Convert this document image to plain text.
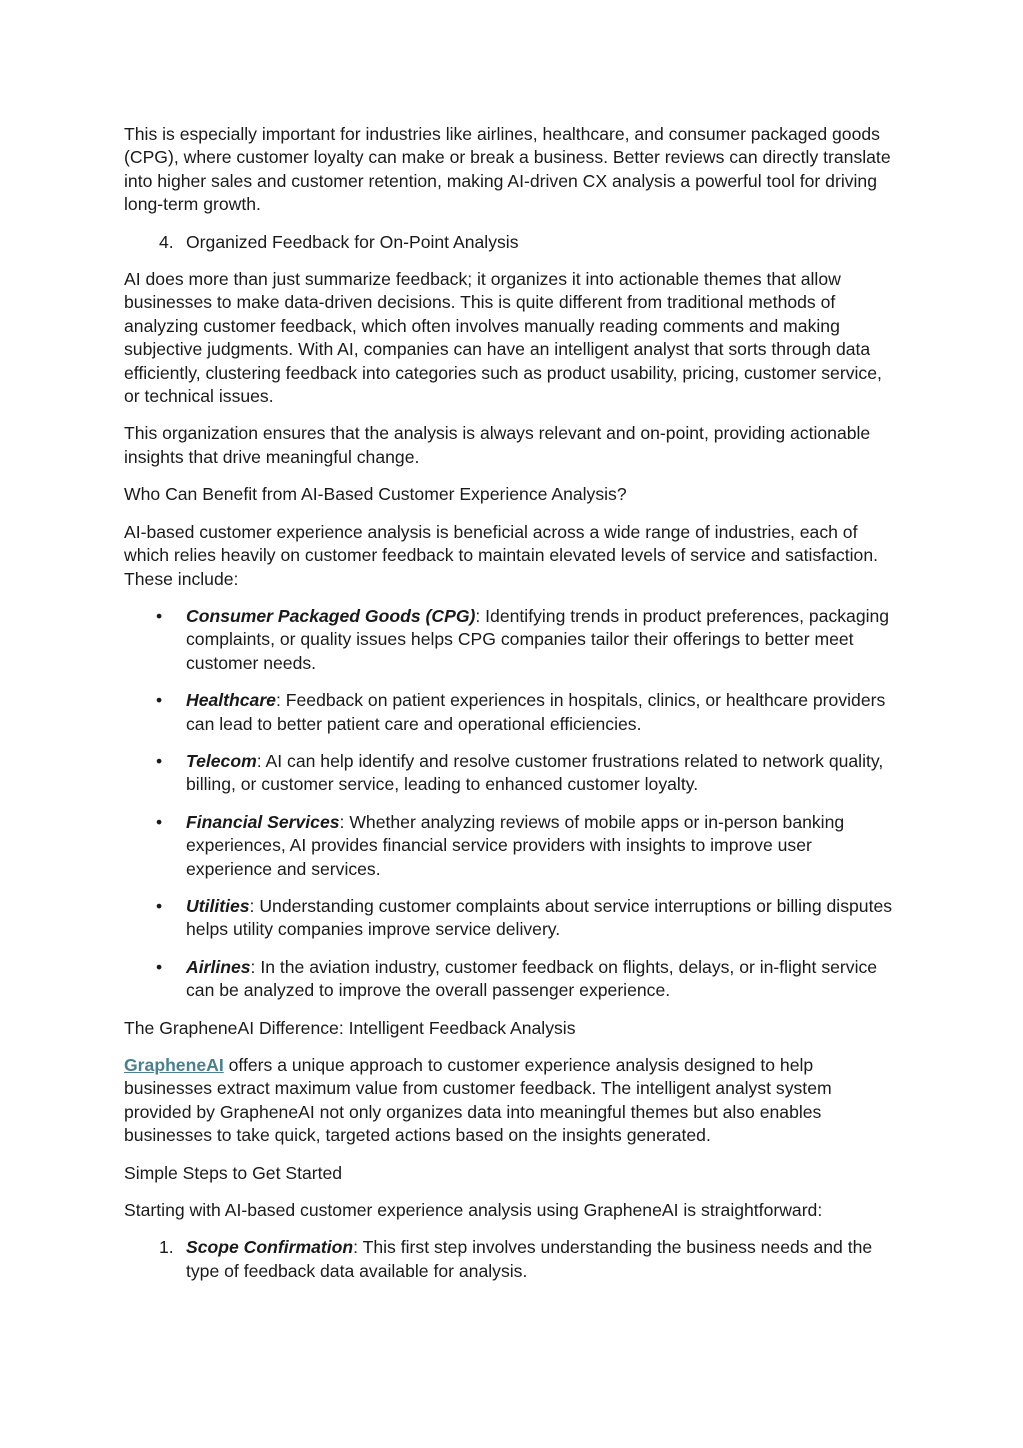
This is especially important for industries like airlines, healthcare, and consumer packaged goods (CPG), where customer loyalty can make or break a business. Better reviews can directly translate into higher sales and customer retention, making AI-driven CX analysis a powerful tool for driving long-term growth.

4. Organized Feedback for On-Point Analysis

AI does more than just summarize feedback; it organizes it into actionable themes that allow businesses to make data-driven decisions. This is quite different from traditional methods of analyzing customer feedback, which often involves manually reading comments and making subjective judgments. With AI, companies can have an intelligent analyst that sorts through data efficiently, clustering feedback into categories such as product usability, pricing, customer service, or technical issues.

This organization ensures that the analysis is always relevant and on-point, providing actionable insights that drive meaningful change.

Who Can Benefit from AI-Based Customer Experience Analysis?

AI-based customer experience analysis is beneficial across a wide range of industries, each of which relies heavily on customer feedback to maintain elevated levels of service and satisfaction. These include:

• Consumer Packaged Goods (CPG): Identifying trends in product preferences, packaging complaints, or quality issues helps CPG companies tailor their offerings to better meet customer needs.
• Healthcare: Feedback on patient experiences in hospitals, clinics, or healthcare providers can lead to better patient care and operational efficiencies.
• Telecom: AI can help identify and resolve customer frustrations related to network quality, billing, or customer service, leading to enhanced customer loyalty.
• Financial Services: Whether analyzing reviews of mobile apps or in-person banking experiences, AI provides financial service providers with insights to improve user experience and services.
• Utilities: Understanding customer complaints about service interruptions or billing disputes helps utility companies improve service delivery.
• Airlines: In the aviation industry, customer feedback on flights, delays, or in-flight service can be analyzed to improve the overall passenger experience.

The GrapheneAI Difference: Intelligent Feedback Analysis

GrapheneAI offers a unique approach to customer experience analysis designed to help businesses extract maximum value from customer feedback. The intelligent analyst system provided by GrapheneAI not only organizes data into meaningful themes but also enables businesses to take quick, targeted actions based on the insights generated.

Simple Steps to Get Started

Starting with AI-based customer experience analysis using GrapheneAI is straightforward:

1. Scope Confirmation: This first step involves understanding the business needs and the type of feedback data available for analysis.
